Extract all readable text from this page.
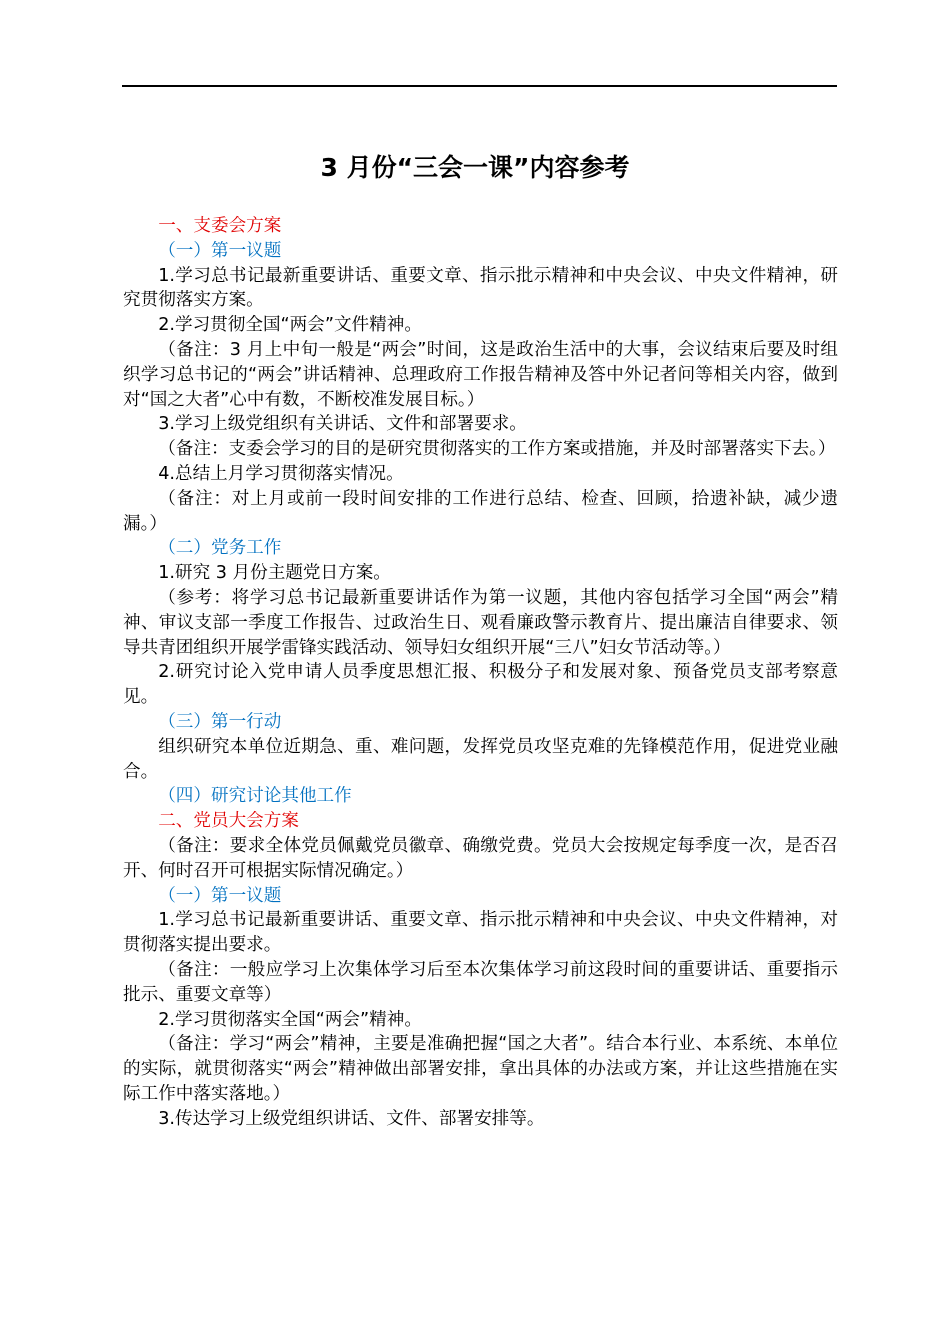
3 月份“三会一课”内容参考

一、支委会方案

（一）第一议题

1.学习总书记最新重要讲话、重要文章、指示批示精神和中央会议、中央文件精神，研究贯彻落实方案。

2.学习贯彻全国“两会”文件精神。

（备注：3 月上中旬一般是“两会”时间，这是政治生活中的大事，会议结束后要及时组织学习总书记的“两会”讲话精神、总理政府工作报告精神及答中外记者问等相关内容，做到对“国之大者”心中有数，不断校准发展目标。）

3.学习上级党组织有关讲话、文件和部署要求。

（备注：支委会学习的目的是研究贯彻落实的工作方案或措施，并及时部署落实下去。）

4.总结上月学习贯彻落实情况。

（备注：对上月或前一段时间安排的工作进行总结、检查、回顾，拾遗补缺，减少遗漏。）

（二）党务工作

1.研究 3 月份主题党日方案。

（参考：将学习总书记最新重要讲话作为第一议题，其他内容包括学习全国“两会”精神、审议支部一季度工作报告、过政治生日、观看廉政警示教育片、提出廉洁自律要求、领导共青团组织开展学雷锋实践活动、领导妇女组织开展“三八”妇女节活动等。）

2.研究讨论入党申请人员季度思想汇报、积极分子和发展对象、预备党员支部考察意见。

（三）第一行动

组织研究本单位近期急、重、难问题，发挥党员攻坚克难的先锋模范作用，促进党业融合。

（四）研究讨论其他工作

二、党员大会方案

（备注：要求全体党员佩戴党员徽章、确缴党费。党员大会按规定每季度一次，是否召开、何时召开可根据实际情况确定。）

（一）第一议题

1.学习总书记最新重要讲话、重要文章、指示批示精神和中央会议、中央文件精神，对贯彻落实提出要求。

（备注：一般应学习上次集体学习后至本次集体学习前这段时间的重要讲话、重要指示批示、重要文章等）

2.学习贯彻落实全国“两会”精神。

（备注：学习“两会”精神，主要是准确把握“国之大者”。结合本行业、本系统、本单位的实际，就贯彻落实“两会”精神做出部署安排，拿出具体的办法或方案，并让这些措施在实际工作中落实落地。）

3.传达学习上级党组织讲话、文件、部署安排等。
